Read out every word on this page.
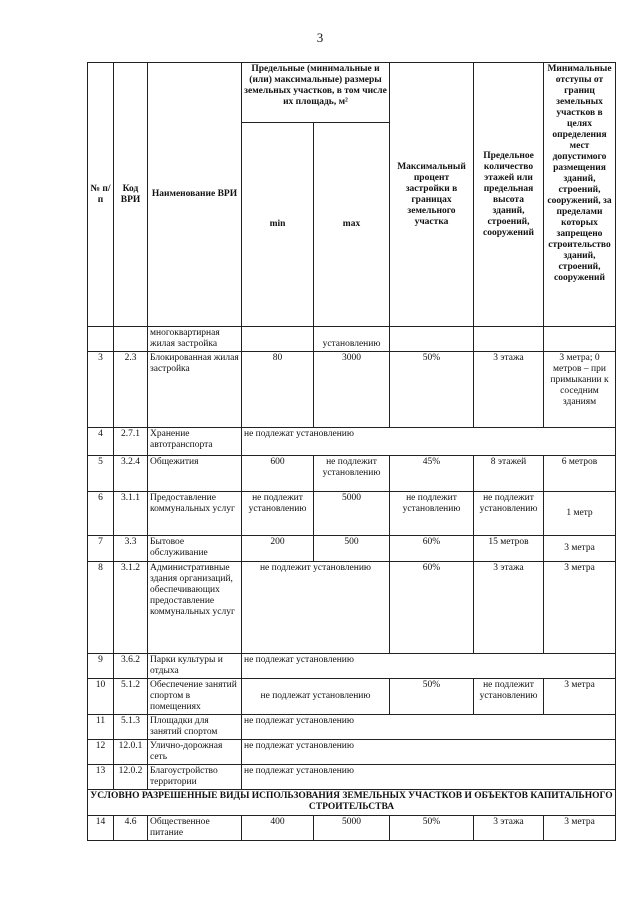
3
№ п/ п	Код ВРИ	Наименование ВРИ	Предельные (минимальные и (или) максимальные) размеры земельных участков, в том числе их площадь, м²		Максимальный процент застройки в границах земельного участка	Предельное количество этажей или предельная высота зданий, строений, сооружений	Минимальные отступы от границ земельных участков в целях определения мест допустимого размещения зданий, строений, сооружений, за пределами которых запрещено строительство зданий, строений, сооружений
			min	max			
		многоквартирная жилая застройка		установлению			
3	2.3	Блокированная жилая застройка	80	3000	50%	3 этажа	3 метра; 0 метров – при примыкании к соседним зданиям
4	2.7.1	Хранение автотранспорта	не подлежат установлению				
5	3.2.4	Общежития	600	не подлежит установлению	45%	8 этажей	6 метров
6	3.1.1	Предоставление коммунальных услуг	не подлежит установлению	5000	не подлежит установлению	не подлежит установлению	1 метр
7	3.3	Бытовое обслуживание	200	500	60%	15 метров	3 метра
8	3.1.2	Административные здания организаций, обеспечивающих предоставление коммунальных услуг	не подлежит установлению		60%	3 этажа	3 метра
9	3.6.2	Парки культуры и отдыха	не подлежат установлению				
10	5.1.2	Обеспечение занятий спортом в помещениях	не подлежат установлению		50%	не подлежит установлению	3 метра
11	5.1.3	Площадки для занятий спортом	не подлежат установлению				
12	12.0.1	Улично-дорожная сеть	не подлежат установлению				
13	12.0.2	Благоустройство территории	не подлежат установлению				
УСЛОВНО РАЗРЕШЕННЫЕ ВИДЫ ИСПОЛЬЗОВАНИЯ ЗЕМЕЛЬНЫХ УЧАСТКОВ И ОБЪЕКТОВ КАПИТАЛЬНОГО СТРОИТЕЛЬСТВА							
14	4.6	Общественное питание	400	5000	50%	3 этажа	3 метра
